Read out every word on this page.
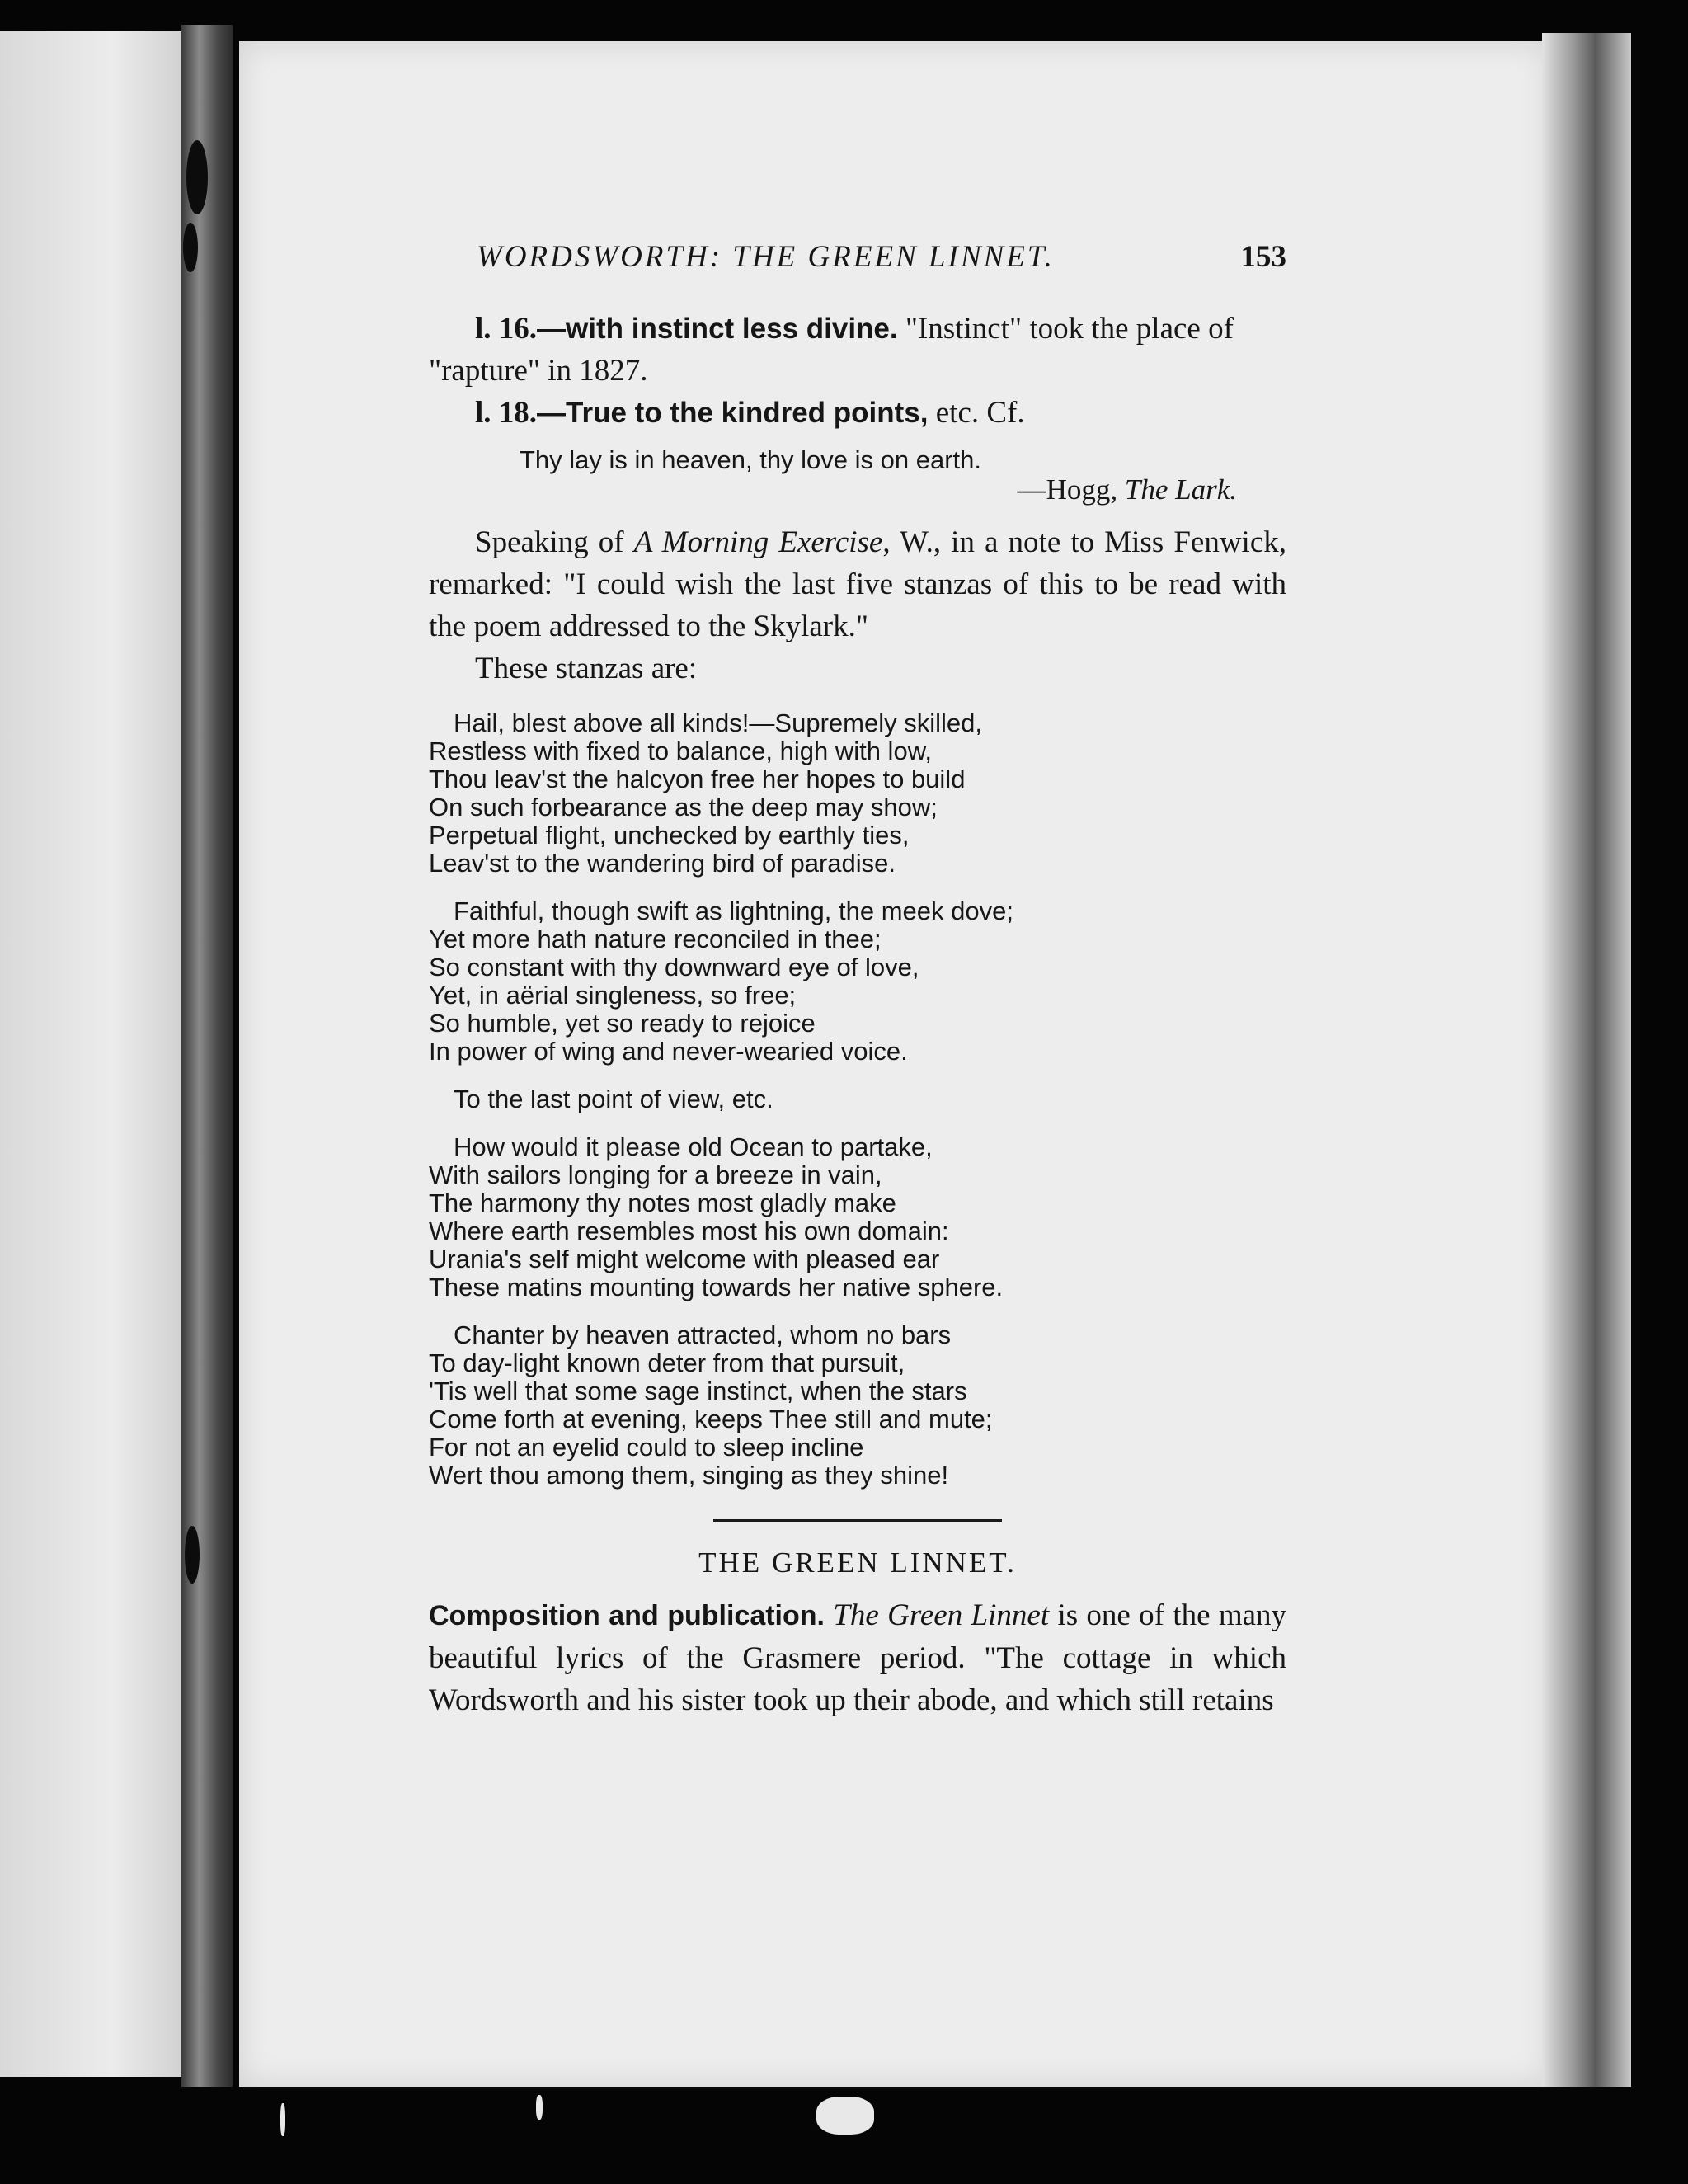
WORDSWORTH: THE GREEN LINNET.	153

l. 16.—with instinct less divine. "Instinct" took the place of "rapture" in 1827.

l. 18.—True to the kindred points, etc. Cf.

Thy lay is in heaven, thy love is on earth.
—Hogg, The Lark.

Speaking of A Morning Exercise, W., in a note to Miss Fenwick, remarked: "I could wish the last five stanzas of this to be read with the poem addressed to the Skylark."

These stanzas are:

Hail, blest above all kinds!—Supremely skilled,
Restless with fixed to balance, high with low,
Thou leav'st the halcyon free her hopes to build
On such forbearance as the deep may show;
Perpetual flight, unchecked by earthly ties,
Leav'st to the wandering bird of paradise.
Faithful, though swift as lightning, the meek dove;
Yet more hath nature reconciled in thee;
So constant with thy downward eye of love,
Yet, in aërial singleness, so free;
So humble, yet so ready to rejoice
In power of wing and never-wearied voice.
To the last point of view, etc.
How would it please old Ocean to partake,
With sailors longing for a breeze in vain,
The harmony thy notes most gladly make
Where earth resembles most his own domain:
Urania's self might welcome with pleased ear
These matins mounting towards her native sphere.
Chanter by heaven attracted, whom no bars
To day-light known deter from that pursuit,
'Tis well that some sage instinct, when the stars
Come forth at evening, keeps Thee still and mute;
For not an eyelid could to sleep incline
Wert thou among them, singing as they shine!
THE GREEN LINNET.

Composition and publication. The Green Linnet is one of the many beautiful lyrics of the Grasmere period. "The cottage in which Wordsworth and his sister took up their abode, and which still retains
